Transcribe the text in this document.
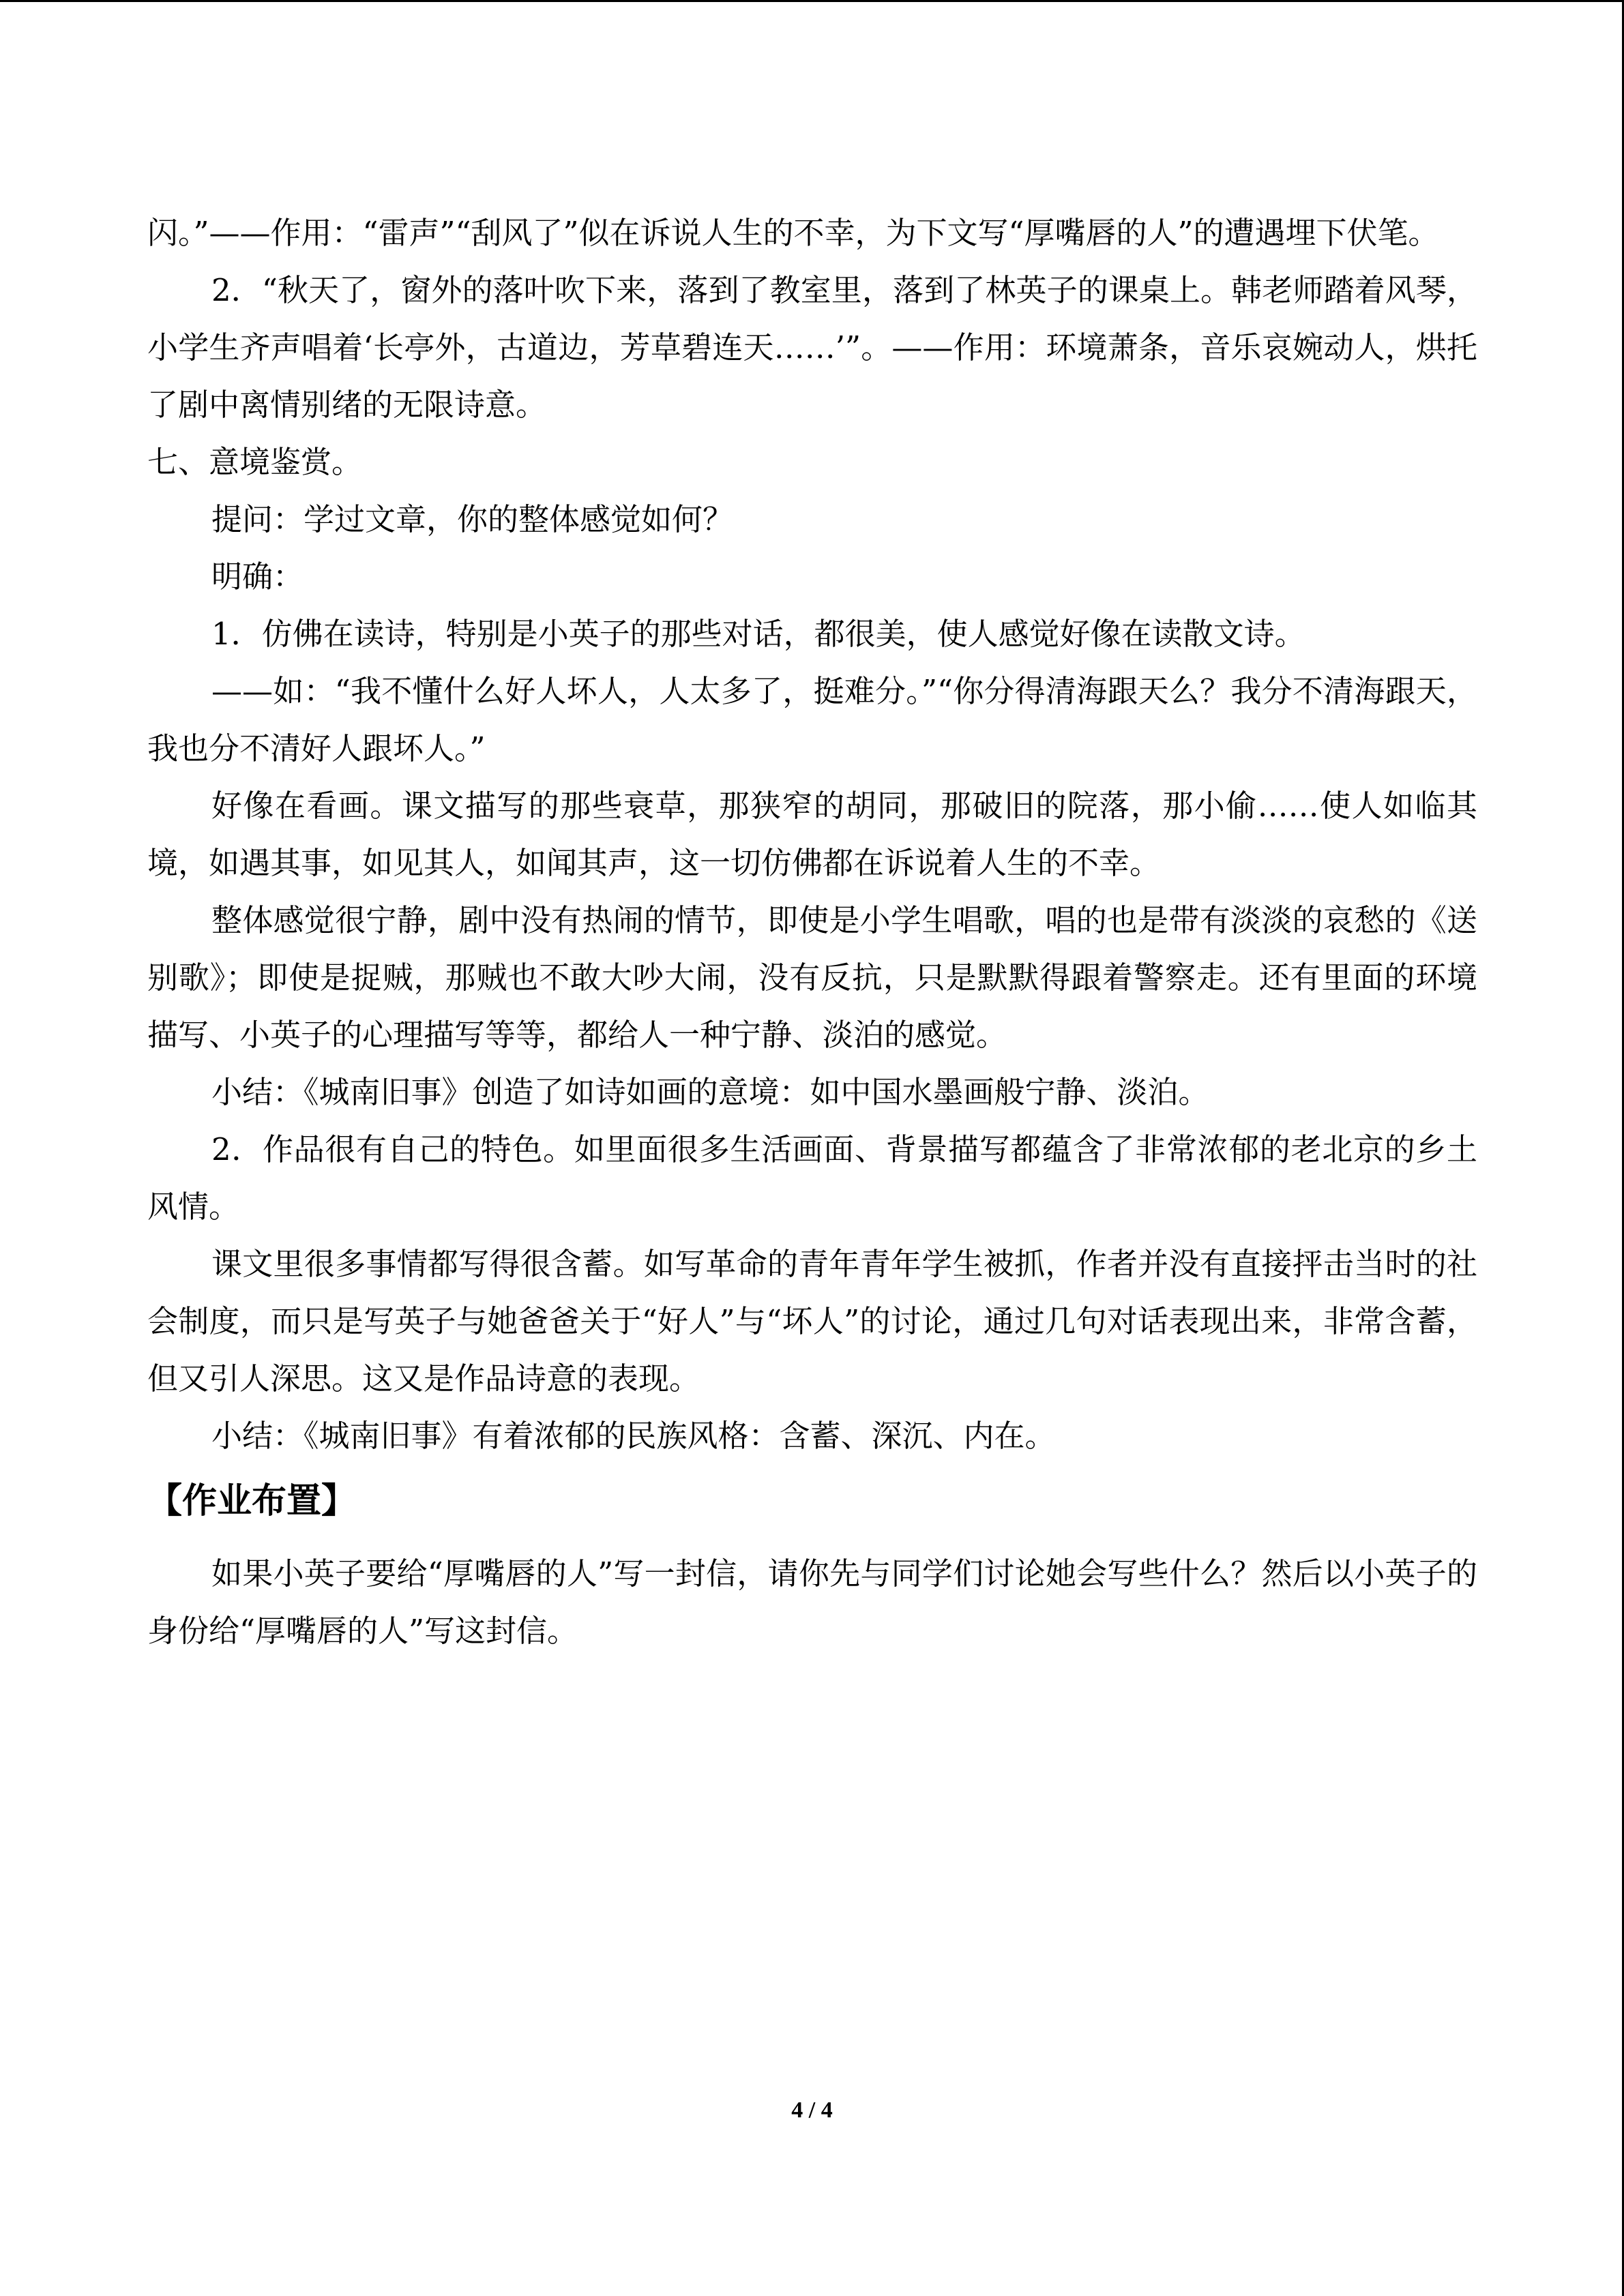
闪。”——作用：“雷声”“刮风了”似在诉说人生的不幸，为下文写“厚嘴唇的人”的遭遇埋下伏笔。

2．“秋天了，窗外的落叶吹下来，落到了教室里，落到了林英子的课桌上。韩老师踏着风琴，小学生齐声唱着‘长亭外，古道边，芳草碧连天……’”。——作用：环境萧条，音乐哀婉动人，烘托了剧中离情别绪的无限诗意。

七、意境鉴赏。

提问：学过文章，你的整体感觉如何？

明确：

1．仿佛在读诗，特别是小英子的那些对话，都很美，使人感觉好像在读散文诗。

——如：“我不懂什么好人坏人，人太多了，挺难分。”“你分得清海跟天么？我分不清海跟天，我也分不清好人跟坏人。”

好像在看画。课文描写的那些衰草，那狭窄的胡同，那破旧的院落，那小偷……使人如临其境，如遇其事，如见其人，如闻其声，这一切仿佛都在诉说着人生的不幸。

整体感觉很宁静，剧中没有热闹的情节，即使是小学生唱歌，唱的也是带有淡淡的哀愁的《送别歌》；即使是捉贼，那贼也不敢大吵大闹，没有反抗，只是默默得跟着警察走。还有里面的环境描写、小英子的心理描写等等，都给人一种宁静、淡泊的感觉。

小结：《城南旧事》创造了如诗如画的意境：如中国水墨画般宁静、淡泊。

2．作品很有自己的特色。如里面很多生活画面、背景描写都蕴含了非常浓郁的老北京的乡土风情。

课文里很多事情都写得很含蓄。如写革命的青年青年学生被抓，作者并没有直接抨击当时的社会制度，而只是写英子与她爸爸关于“好人”与“坏人”的讨论，通过几句对话表现出来，非常含蓄，但又引人深思。这又是作品诗意的表现。

小结：《城南旧事》有着浓郁的民族风格：含蓄、深沉、内在。

【作业布置】

如果小英子要给“厚嘴唇的人”写一封信，请你先与同学们讨论她会写些什么？然后以小英子的身份给“厚嘴唇的人”写这封信。

4 / 4
